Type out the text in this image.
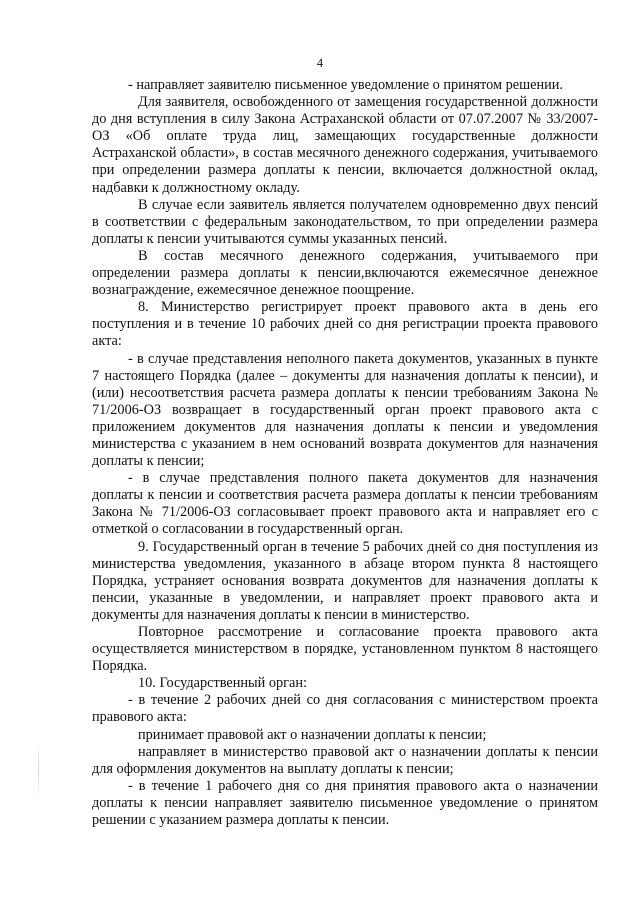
4

- направляет заявителю письменное уведомление о принятом решении.

Для заявителя, освобожденного от замещения государственной должности до дня вступления в силу Закона Астраханской области от 07.07.2007 № 33/2007-ОЗ «Об оплате труда лиц, замещающих государственные должности Астраханской области», в состав месячного денежного содержания, учитываемого при определении размера доплаты к пенсии, включается должностной оклад, надбавки к должностному окладу.

В случае если заявитель является получателем одновременно двух пенсий в соответствии с федеральным законодательством, то при определении размера доплаты к пенсии учитываются суммы указанных пенсий.

В состав месячного денежного содержания, учитываемого при определении размера доплаты к пенсии,включаются ежемесячное денежное вознаграждение, ежемесячное денежное поощрение.

8. Министерство регистрирует проект правового акта в день его поступления и в течение 10 рабочих дней со дня регистрации проекта правового акта:

- в случае представления неполного пакета документов, указанных в пункте 7 настоящего Порядка (далее – документы для назначения доплаты к пенсии), и (или) несоответствия расчета размера доплаты к пенсии требованиям Закона № 71/2006-ОЗ возвращает в государственный орган проект правового акта с приложением документов для назначения доплаты к пенсии и уведомления министерства с указанием в нем оснований возврата документов для назначения доплаты к пенсии;

- в случае представления полного пакета документов для назначения доплаты к пенсии и соответствия расчета размера доплаты к пенсии требованиям Закона № 71/2006-ОЗ согласовывает проект правового акта и направляет его с отметкой о согласовании в государственный орган.

9. Государственный орган в течение 5 рабочих дней со дня поступления из министерства уведомления, указанного в абзаце втором пункта 8 настоящего Порядка, устраняет основания возврата документов для назначения доплаты к пенсии, указанные в уведомлении, и направляет проект правового акта и документы для назначения доплаты к пенсии в министерство.

Повторное рассмотрение и согласование проекта правового акта осуществляется министерством в порядке, установленном пунктом 8 настоящего Порядка.

10. Государственный орган:

- в течение 2 рабочих дней со дня согласования с министерством проекта правового акта:

принимает правовой акт о назначении доплаты к пенсии;

направляет в министерство правовой акт о назначении доплаты к пенсии для оформления документов на выплату доплаты к пенсии;

- в течение 1 рабочего дня со дня принятия правового акта о назначении доплаты к пенсии направляет заявителю письменное уведомление о принятом решении с указанием размера доплаты к пенсии.
